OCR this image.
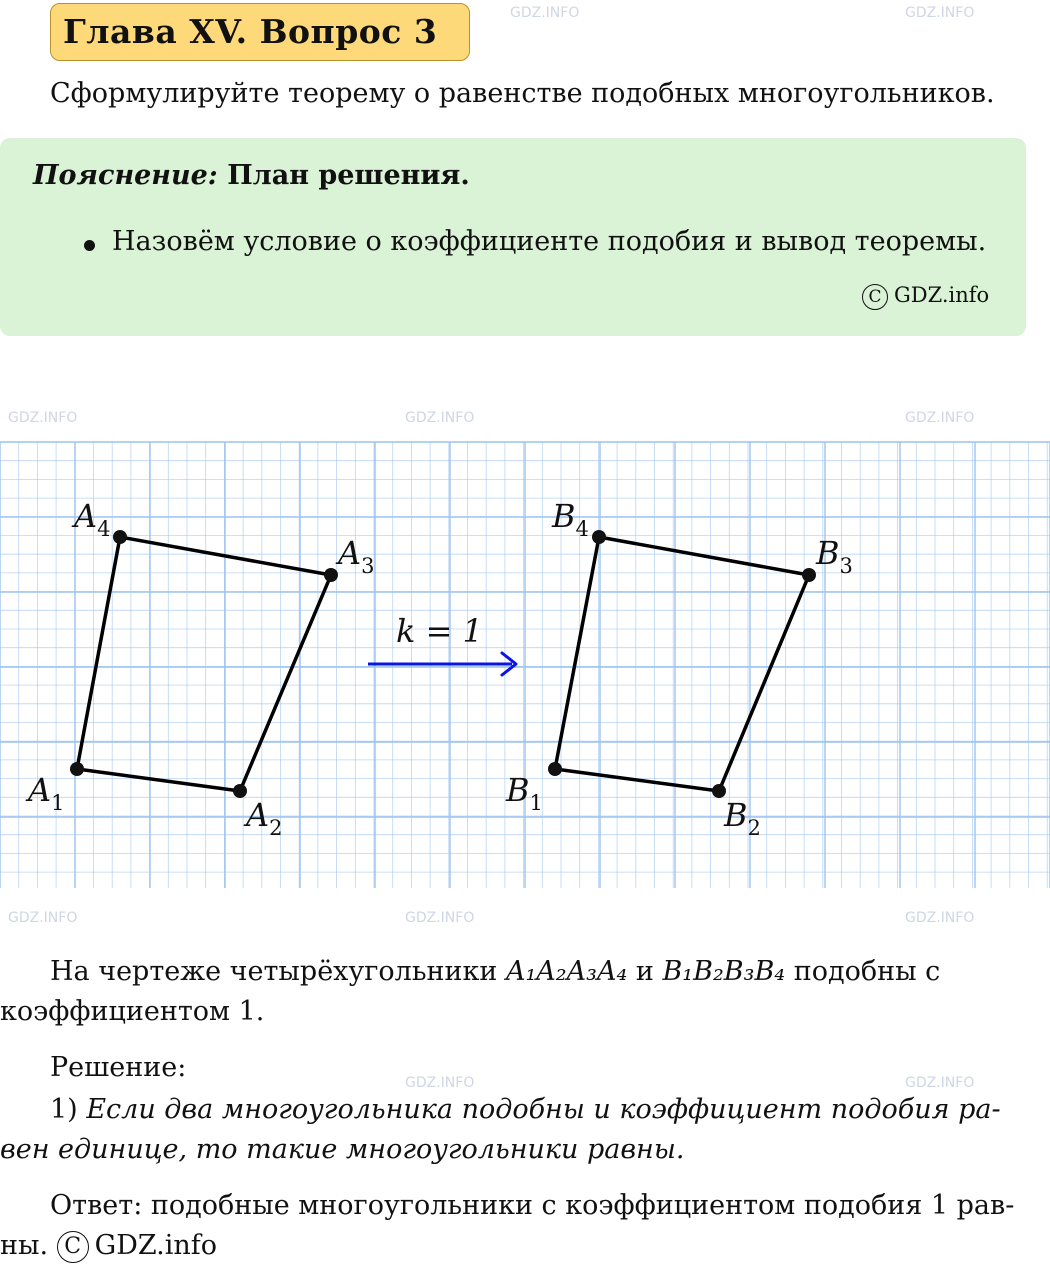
GDZ.INFO	GDZ.INFO
GDZ.INFO	GDZ.INFO	GDZ.INFO
GDZ.INFO	GDZ.INFO	GDZ.INFO
GDZ.INFO	GDZ.INFO
Глава XV. Вопрос 3
Сформулируйте теорему о равенстве подобных многоугольников.
Пояснение: План решения.
Назовём условие о коэффициенте подобия и вывод теоремы.
C GDZ.info
$A_1$	$A_2$
$A_3$
$A_4$
$B_1$	$B_2$
$B_3$
$B_4$
k = 1
На чертеже четырёхугольники A₁A₂A₃A₄ и B₁B₂B₃B₄ подобны с
коэффициентом 1.
Решение:
1) Если два многоугольника подобны и коэффициент подобия ра-
вен единице, то такие многоугольники равны.
Ответ: подобные многоугольники с коэффициентом подобия 1 рав-
ны. C GDZ.info
